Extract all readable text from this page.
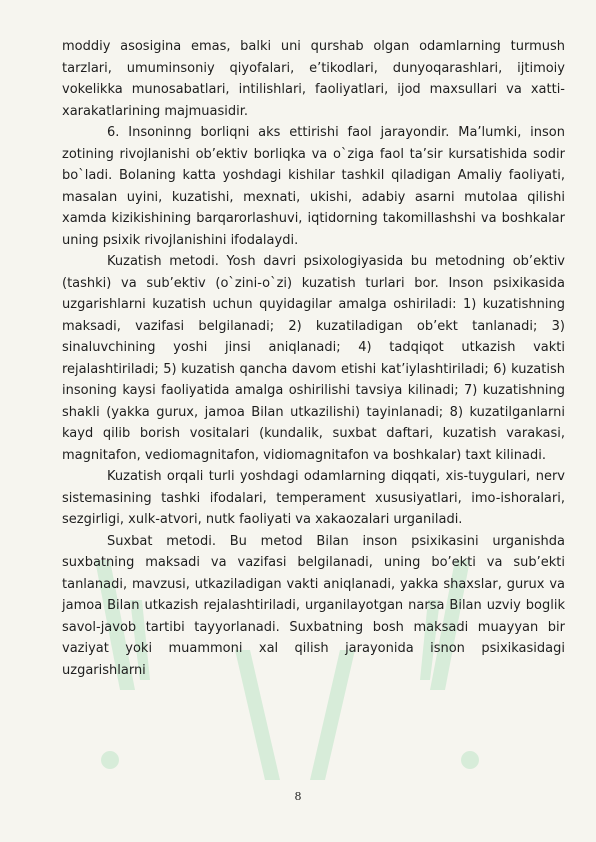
moddiy asosigina emas, balki uni qurshab olgan odamlarning turmush tarzlari, umuminsoniy qiyofalari, e’tikodlari, dunyoqarashlari, ijtimoiy vokelikka munosabatlari, intilishlari, faoliyatlari, ijod maxsullari va xatti-xarakatlarining majmuasidir.

6. Insoninng borliqni aks ettirishi faol jarayondir. Ma’lumki, inson zotining rivojlanishi ob’ektiv borliqka va o`ziga faol ta’sir kursatishida sodir bo`ladi. Bolaning katta yoshdagi kishilar tashkil qiladigan Amaliy faoliyati, masalan uyini, kuzatishi, mexnati, ukishi, adabiy asarni mutolaa qilishi xamda kizikishining barqarorlashuvi, iqtidorning takomillashshi va boshkalar uning psixik rivojlanishini ifodalaydi.

Kuzatish metodi. Yosh davri psixologiyasida bu metodning ob’ektiv (tashki) va sub’ektiv (o`zini-o`zi) kuzatish turlari bor. Inson psixikasida uzgarishlarni kuzatish uchun quyidagilar amalga oshiriladi: 1) kuzatishning maksadi, vazifasi belgilanadi; 2) kuzatiladigan ob’ekt tanlanadi; 3) sinaluvchining yoshi jinsi aniqlanadi; 4) tadqiqot utkazish vakti rejalashtiriladi; 5) kuzatish qancha davom etishi kat’iylashtiriladi; 6) kuzatish insoning kaysi faoliyatida amalga oshirilishi tavsiya kilinadi; 7) kuzatishning shakli (yakka gurux, jamoa Bilan utkazilishi) tayinlanadi; 8) kuzatilganlarni kayd qilib borish vositalari (kundalik, suxbat daftari, kuzatish varakasi, magnitafon, vediomagnitafon, vidiomagnitafon va boshkalar) taxt kilinadi.

Kuzatish orqali turli yoshdagi odamlarning diqqati, xis-tuygulari, nerv sistemasining tashki ifodalari, temperament xususiyatlari, imo-ishoralari, sezgirligi, xulk-atvori, nutk faoliyati va xakaozalari urganiladi.

Suxbat metodi. Bu metod Bilan inson psixikasini urganishda suxbatning maksadi va vazifasi belgilanadi, uning bo’ekti va sub’ekti tanlanadi, mavzusi, utkaziladigan vakti aniqlanadi, yakka shaxslar, gurux va jamoa Bilan utkazish rejalashtiriladi, urganilayotgan narsa Bilan uzviy boglik savol-javob tartibi tayyorlanadi. Suxbatning bosh maksadi muayyan bir vaziyat yoki muammoni xal qilish jarayonida isnon psixikasidagi uzgarishlarni

8
